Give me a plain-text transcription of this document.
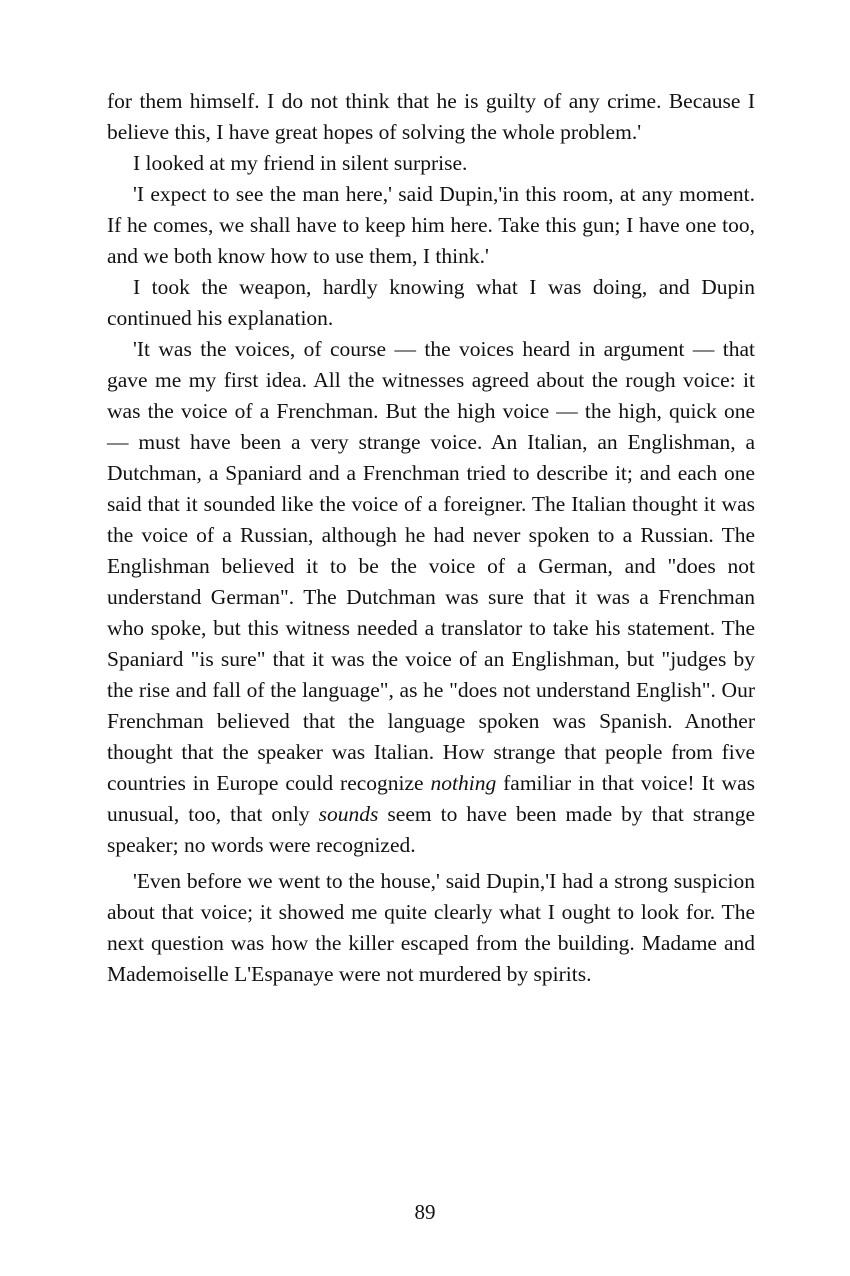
for them himself. I do not think that he is guilty of any crime. Because I believe this, I have great hopes of solving the whole problem.'

I looked at my friend in silent surprise.

'I expect to see the man here,' said Dupin,'in this room, at any moment. If he comes, we shall have to keep him here. Take this gun; I have one too, and we both know how to use them, I think.'

I took the weapon, hardly knowing what I was doing, and Dupin continued his explanation.

'It was the voices, of course — the voices heard in argument — that gave me my first idea. All the witnesses agreed about the rough voice: it was the voice of a Frenchman. But the high voice — the high, quick one — must have been a very strange voice. An Italian, an Englishman, a Dutchman, a Spaniard and a Frenchman tried to describe it; and each one said that it sounded like the voice of a foreigner. The Italian thought it was the voice of a Russian, although he had never spoken to a Russian. The Englishman believed it to be the voice of a German, and "does not understand German". The Dutchman was sure that it was a Frenchman who spoke, but this witness needed a translator to take his statement. The Spaniard "is sure" that it was the voice of an Englishman, but "judges by the rise and fall of the language", as he "does not understand English". Our Frenchman believed that the language spoken was Spanish. Another thought that the speaker was Italian. How strange that people from five countries in Europe could recognize nothing familiar in that voice! It was unusual, too, that only sounds seem to have been made by that strange speaker; no words were recognized.

'Even before we went to the house,' said Dupin,'I had a strong suspicion about that voice; it showed me quite clearly what I ought to look for. The next question was how the killer escaped from the building. Madame and Mademoiselle L'Espanaye were not murdered by spirits.

89
